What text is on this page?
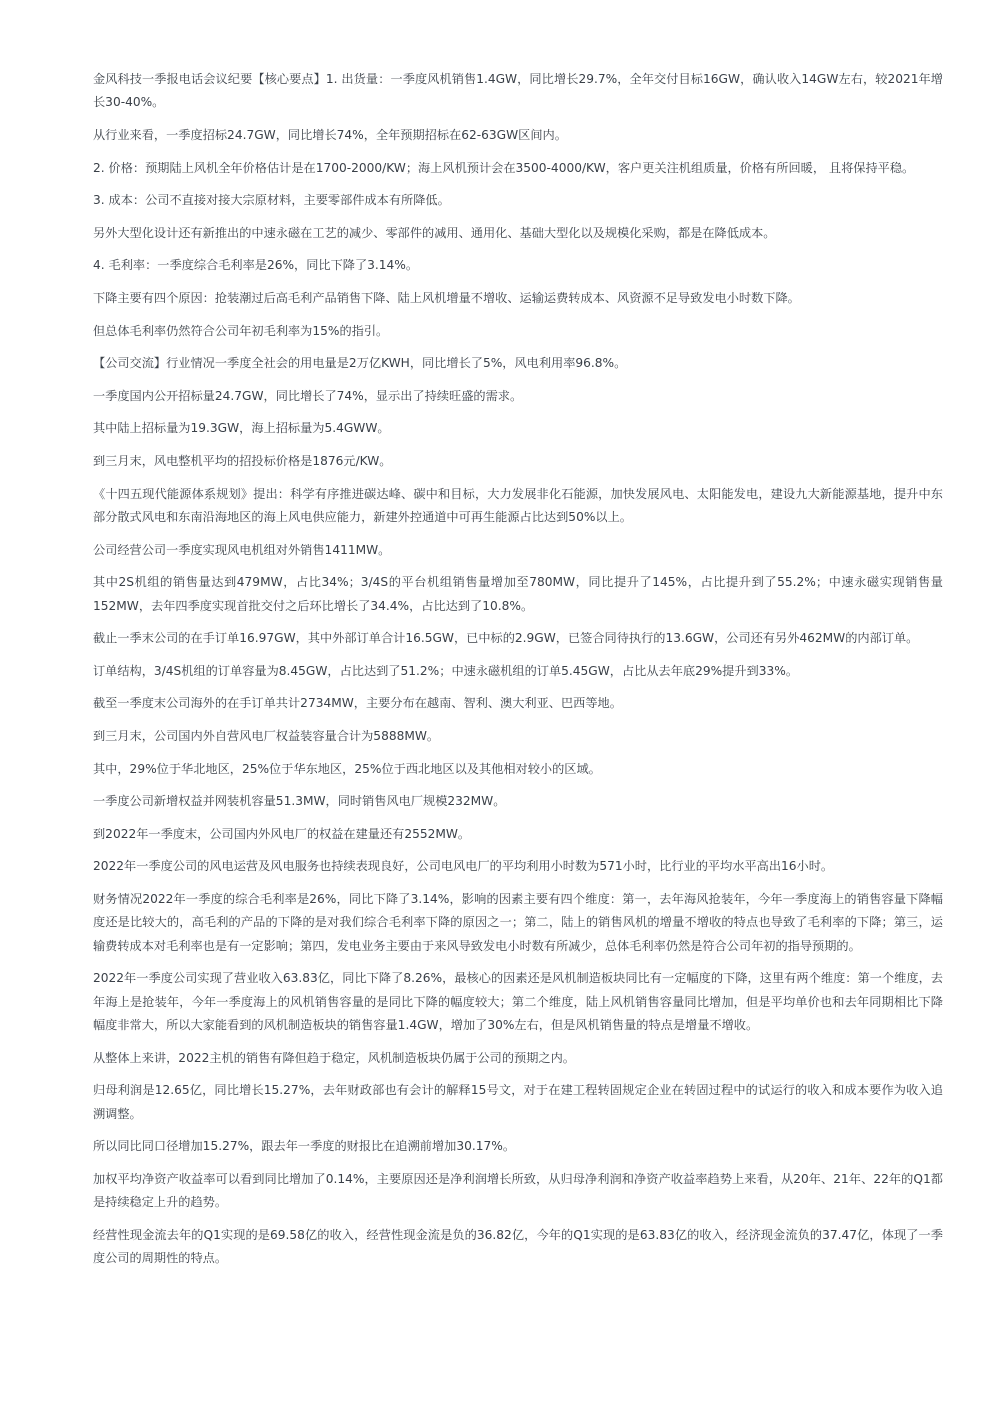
金风科技一季报电话会议纪要【核心要点】1. 出货量：一季度风机销售1.4GW，同比增长29.7%，全年交付目标16GW，确认收入14GW左右，较2021年增长30-40%。

从行业来看，一季度招标24.7GW，同比增长74%，全年预期招标在62-63GW区间内。

2. 价格：预期陆上风机全年价格估计是在1700-2000/KW；海上风机预计会在3500-4000/KW，客户更关注机组质量，价格有所回暖， 且将保持平稳。

3. 成本：公司不直接对接大宗原材料，主要零部件成本有所降低。

另外大型化设计还有新推出的中速永磁在工艺的减少、零部件的减用、通用化、基础大型化以及规模化采购，都是在降低成本。

4. 毛利率：一季度综合毛利率是26%，同比下降了3.14%。

下降主要有四个原因：抢装潮过后高毛利产品销售下降、陆上风机增量不增收、运输运费转成本、风资源不足导致发电小时数下降。

但总体毛利率仍然符合公司年初毛利率为15%的指引。

【公司交流】行业情况一季度全社会的用电量是2万亿KWH，同比增长了5%，风电利用率96.8%。

一季度国内公开招标量24.7GW，同比增长了74%，显示出了持续旺盛的需求。

其中陆上招标量为19.3GW，海上招标量为5.4GWW。

到三月末，风电整机平均的招投标价格是1876元/KW。

《十四五现代能源体系规划》提出：科学有序推进碳达峰、碳中和目标，大力发展非化石能源，加快发展风电、太阳能发电，建设九大新能源基地，提升中东部分散式风电和东南沿海地区的海上风电供应能力，新建外控通道中可再生能源占比达到50%以上。

公司经营公司一季度实现风电机组对外销售1411MW。

其中2S机组的销售量达到479MW，占比34%；3/4S的平台机组销售量增加至780MW，同比提升了145%，占比提升到了55.2%；中速永磁实现销售量152MW，去年四季度实现首批交付之后环比增长了34.4%，占比达到了10.8%。

截止一季末公司的在手订单16.97GW，其中外部订单合计16.5GW，已中标的2.9GW，已签合同待执行的13.6GW，公司还有另外462MW的内部订单。

订单结构，3/4S机组的订单容量为8.45GW，占比达到了51.2%；中速永磁机组的订单5.45GW，占比从去年底29%提升到33%。

截至一季度末公司海外的在手订单共计2734MW，主要分布在越南、智利、澳大利亚、巴西等地。

到三月末，公司国内外自营风电厂权益装容量合计为5888MW。

其中，29%位于华北地区，25%位于华东地区，25%位于西北地区以及其他相对较小的区域。

一季度公司新增权益并网装机容量51.3MW，同时销售风电厂规模232MW。

到2022年一季度末，公司国内外风电厂的权益在建量还有2552MW。

2022年一季度公司的风电运营及风电服务也持续表现良好，公司电风电厂的平均利用小时数为571小时，比行业的平均水平高出16小时。

财务情况2022年一季度的综合毛利率是26%，同比下降了3.14%，影响的因素主要有四个维度：第一，去年海风抢装年，今年一季度海上的销售容量下降幅度还是比较大的，高毛利的产品的下降的是对我们综合毛利率下降的原因之一；第二，陆上的销售风机的增量不增收的特点也导致了毛利率的下降；第三，运输费转成本对毛利率也是有一定影响；第四，发电业务主要由于来风导致发电小时数有所减少，总体毛利率仍然是符合公司年初的指导预期的。

2022年一季度公司实现了营业收入63.83亿，同比下降了8.26%，最核心的因素还是风机制造板块同比有一定幅度的下降，这里有两个维度：第一个维度，去年海上是抢装年，今年一季度海上的风机销售容量的是同比下降的幅度较大；第二个维度，陆上风机销售容量同比增加，但是平均单价也和去年同期相比下降幅度非常大，所以大家能看到的风机制造板块的销售容量1.4GW，增加了30%左右，但是风机销售量的特点是增量不增收。

从整体上来讲，2022主机的销售有降但趋于稳定，风机制造板块仍属于公司的预期之内。

归母利润是12.65亿，同比增长15.27%，去年财政部也有会计的解释15号文，对于在建工程转固规定企业在转固过程中的试运行的收入和成本要作为收入追溯调整。

所以同比同口径增加15.27%，跟去年一季度的财报比在追溯前增加30.17%。

加权平均净资产收益率可以看到同比增加了0.14%，主要原因还是净利润增长所致，从归母净利润和净资产收益率趋势上来看，从20年、21年、22年的Q1都是持续稳定上升的趋势。

经营性现金流去年的Q1实现的是69.58亿的收入，经营性现金流是负的36.82亿，今年的Q1实现的是63.83亿的收入，经济现金流负的37.47亿，体现了一季度公司的周期性的特点。
